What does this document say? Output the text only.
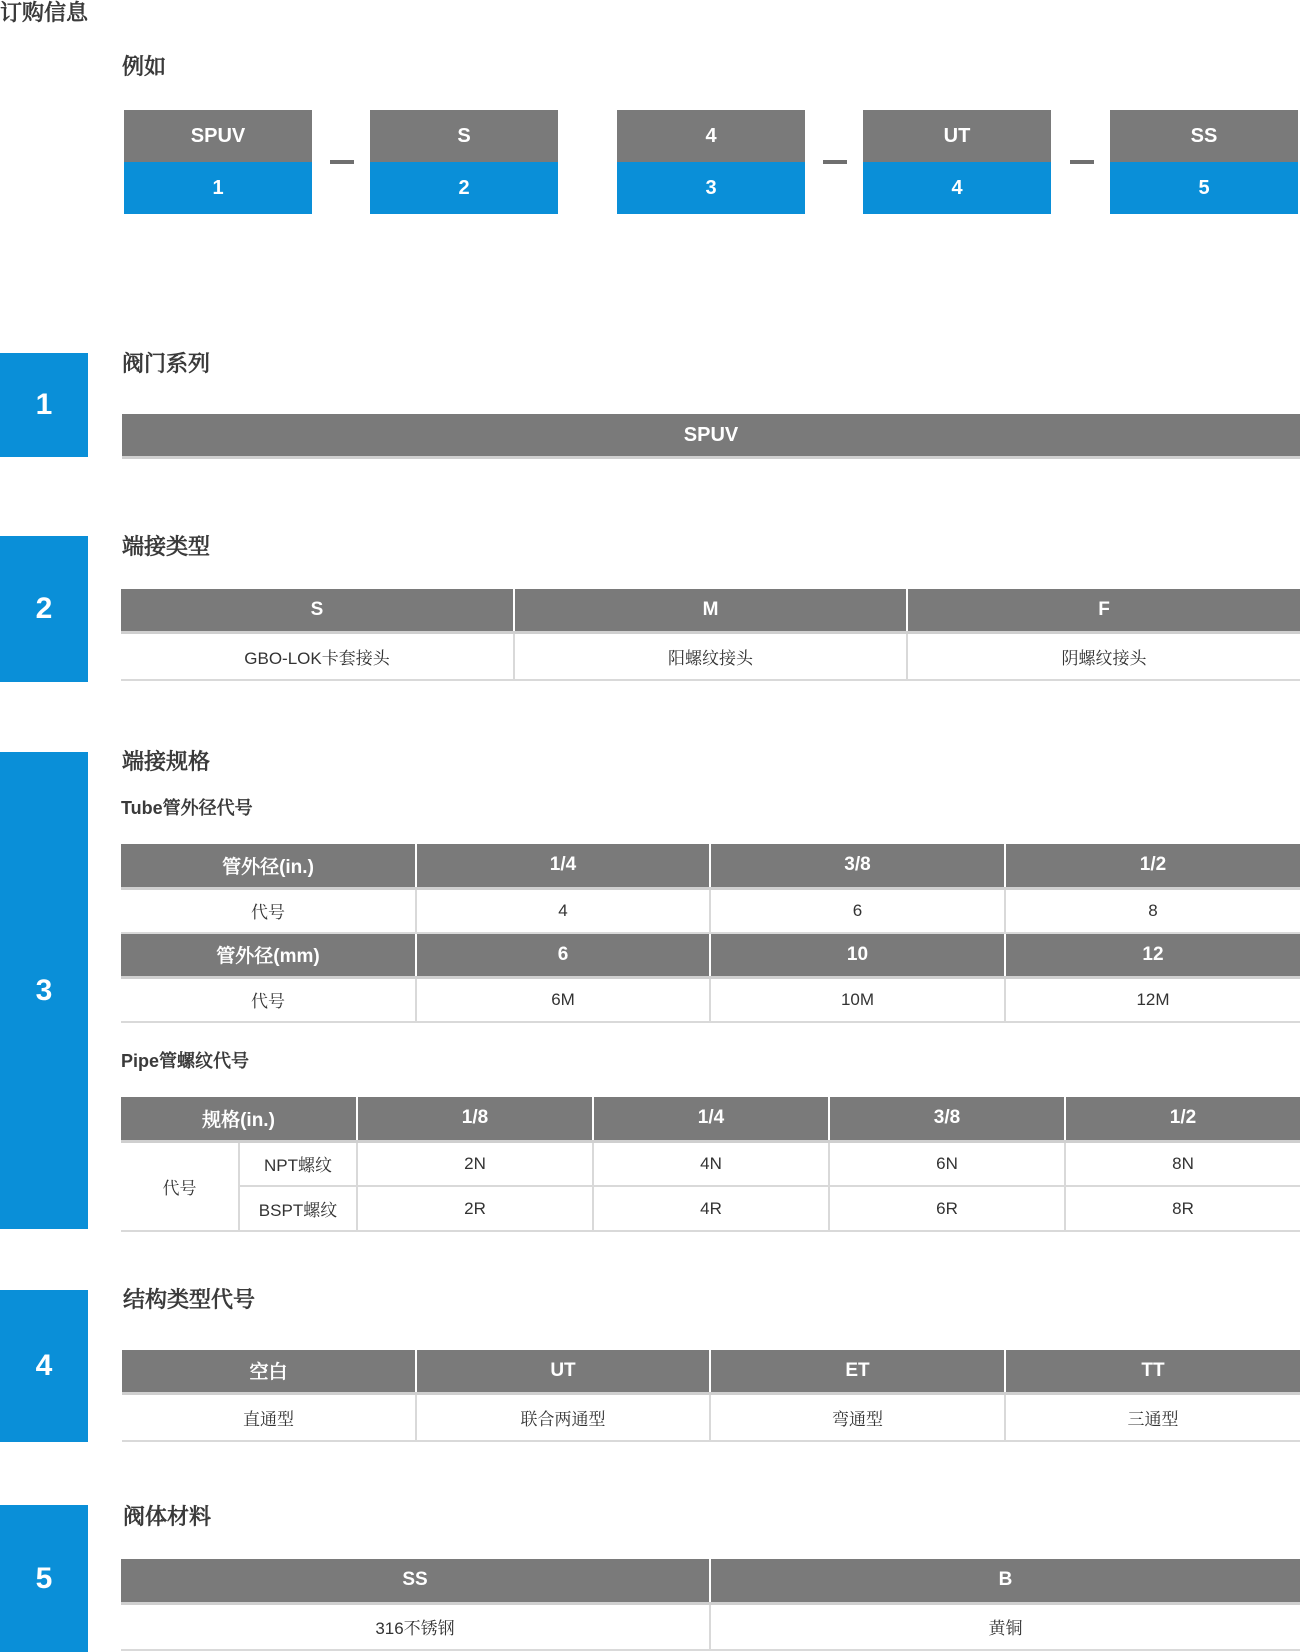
订购信息
例如
SPUV
1
S
2
4
3
UT
4
SS
5
1
阀门系列
SPUV
2
端接类型
S	M	F
GBO-LOK卡套接头	阳螺纹接头	阴螺纹接头
3
端接规格
Tube管外径代号
管外径(in.)	1/4	3/8	1/2
代号	4	6	8
管外径(mm)	6	10	12
代号	6M	10M	12M
Pipe管螺纹代号
规格(in.)		1/8	1/4	3/8	1/2
代号	NPT螺纹	2N	4N	6N	8N
	BSPT螺纹	2R	4R	6R	8R
4
结构类型代号
空白	UT	ET	TT
直通型	联合两通型	弯通型	三通型
5
阀体材料
SS	B
316不锈钢	黄铜
